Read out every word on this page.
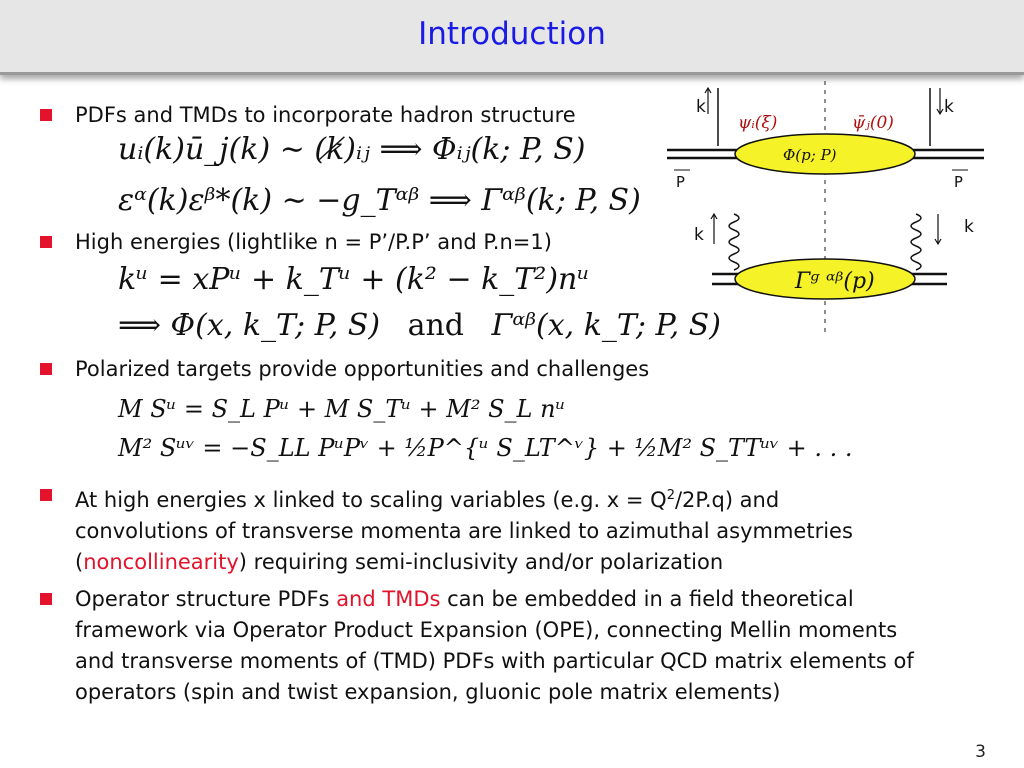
Introduction
PDFs and TMDs to incorporate hadron structure
uᵢ(k)ū_j(k) ∼ (k̸)ᵢⱼ ⟹ Φᵢⱼ(k; P, S)
εᵅ(k)εᵝ*(k) ∼ −g_Tᵅᵝ ⟹ Γᵅᵝ(k; P, S)
High energies (lightlike n = P’/P.P’ and P.n=1)
kᵘ = xPᵘ + k_Tᵘ + (k² − k_T²)nᵘ
⟹ Φ(x, k_T; P, S) and Γᵅᵝ(x, k_T; P, S)
Polarized targets provide opportunities and challenges
M Sᵘ = S_L Pᵘ + M S_Tᵘ + M² S_L nᵘ
M² Sᵘᵛ = −S_LL PᵘPᵛ + ½P^{ᵘ S_LT^ᵛ} + ½M² S_TTᵘᵛ + . . .
At high energies x linked to scaling variables (e.g. $x = Q^2/2P.q$) and
convolutions of transverse momenta are linked to azimuthal asymmetries
(noncollinearity) requiring semi-inclusivity and/or polarization
Operator structure PDFs and TMDs can be embedded in a field theoretical
framework via Operator Product Expansion (OPE), connecting Mellin moments
and transverse moments of (TMD) PDFs with particular QCD matrix elements of
operators (spin and twist expansion, gluonic pole matrix elements)
k	k
ψᵢ(ξ)	ψ̄ⱼ(0)
Φ(p; P)
P	P
k	k
Γᵍ ᵅᵝ(p)
3
